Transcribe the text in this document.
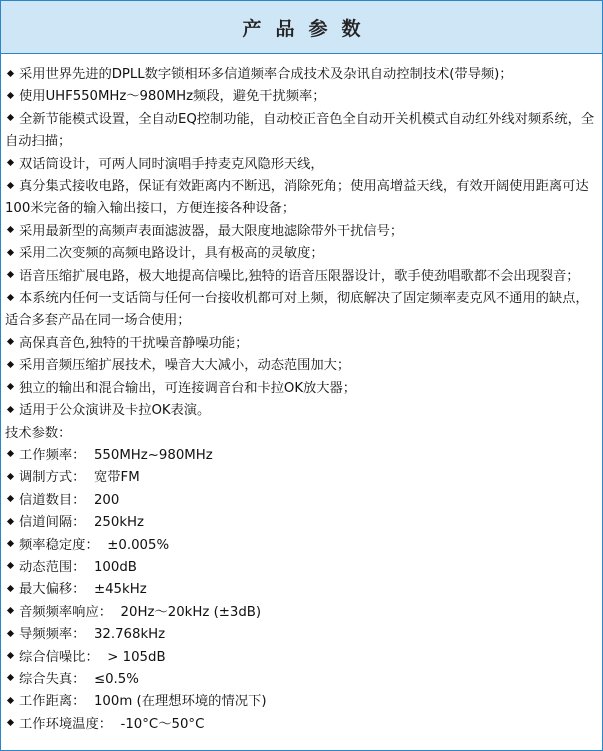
产品参数

采用世界先进的DPLL数字锁相环多信道频率合成技术及杂讯自动控制技术(带导频)；

使用UHF550MHz～980MHz频段，避免干扰频率；

全新节能模式设置，全自动EQ控制功能，自动校正音色全自动开关机模式自动红外线对频系统，全自动扫描；

双话筒设计，可两人同时演唱手持麦克风隐形天线，

真分集式接收电路，保证有效距离内不断迅，消除死角；使用高增益天线，有效开阔使用距离可达100米完备的输入输出接口，方便连接各种设备；

采用最新型的高频声表面滤波器，最大限度地滤除带外干扰信号；

采用二次变频的高频电路设计，具有极高的灵敏度；

语音压缩扩展电路，极大地提高信噪比,独特的语音压限器设计，歌手使劲唱歌都不会出现裂音；

本系统内任何一支话筒与任何一台接收机都可对上频，彻底解决了固定频率麦克风不通用的缺点，适合多套产品在同一场合使用；

高保真音色,独特的干扰噪音静噪功能；

采用音频压缩扩展技术，噪音大大减小，动态范围加大；

独立的输出和混合输出，可连接调音台和卡拉OK放大器；

适用于公众演讲及卡拉OK表演。

技术参数：

工作频率： 550MHz~980MHz

调制方式： 宽带FM

信道数目： 200

信道间隔： 250kHz

频率稳定度： ±0.005%

动态范围： 100dB

最大偏移： ±45kHz

音频频率响应： 20Hz～20kHz (±3dB)

导频频率： 32.768kHz

综合信噪比： > 105dB

综合失真： ≤0.5%

工作距离： 100m (在理想环境的情况下)

工作环境温度： -10°C～50°C
